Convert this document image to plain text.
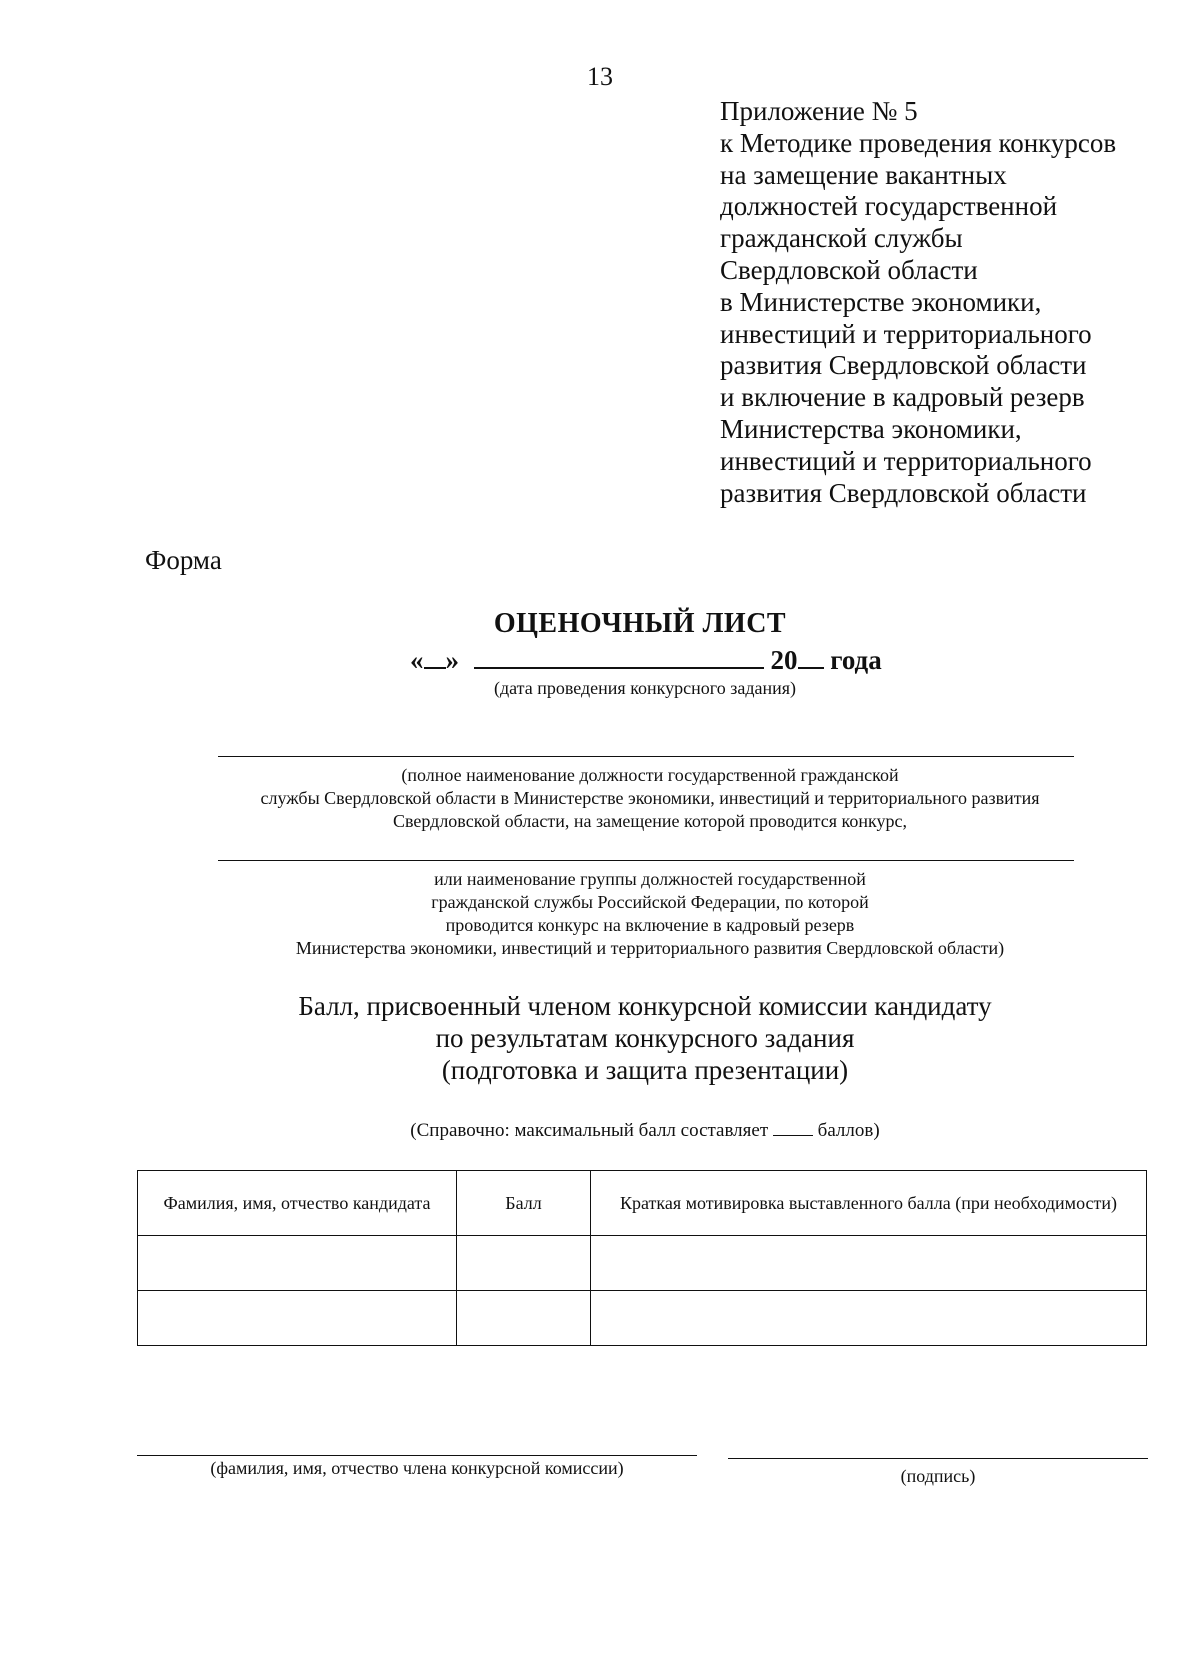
13
Приложение № 5
к Методике проведения конкурсов
на замещение вакантных
должностей государственной
гражданской службы
Свердловской области
в Министерстве экономики,
инвестиций и территориального
развития Свердловской области
и включение в кадровый резерв
Министерства экономики,
инвестиций и территориального
развития Свердловской области
Форма
ОЦЕНОЧНЫЙ ЛИСТ
« »	20 года
(дата проведения конкурсного задания)
(полное наименование должности государственной гражданской
службы Свердловской области в Министерстве экономики, инвестиций и территориального развития
Свердловской области, на замещение которой проводится конкурс,
или наименование группы должностей государственной
гражданской службы Российской Федерации, по которой
проводится конкурс на включение в кадровый резерв
Министерства экономики, инвестиций и территориального развития Свердловской области)
Балл, присвоенный членом конкурсной комиссии кандидату
по результатам конкурсного задания
(подготовка и защита презентации)
(Справочно: максимальный балл составляет	баллов)
Фамилия, имя, отчество кандидата	Балл	Краткая мотивировка выставленного балла (при необходимости)

(фамилия, имя, отчество члена конкурсной комиссии)	(подпись)
